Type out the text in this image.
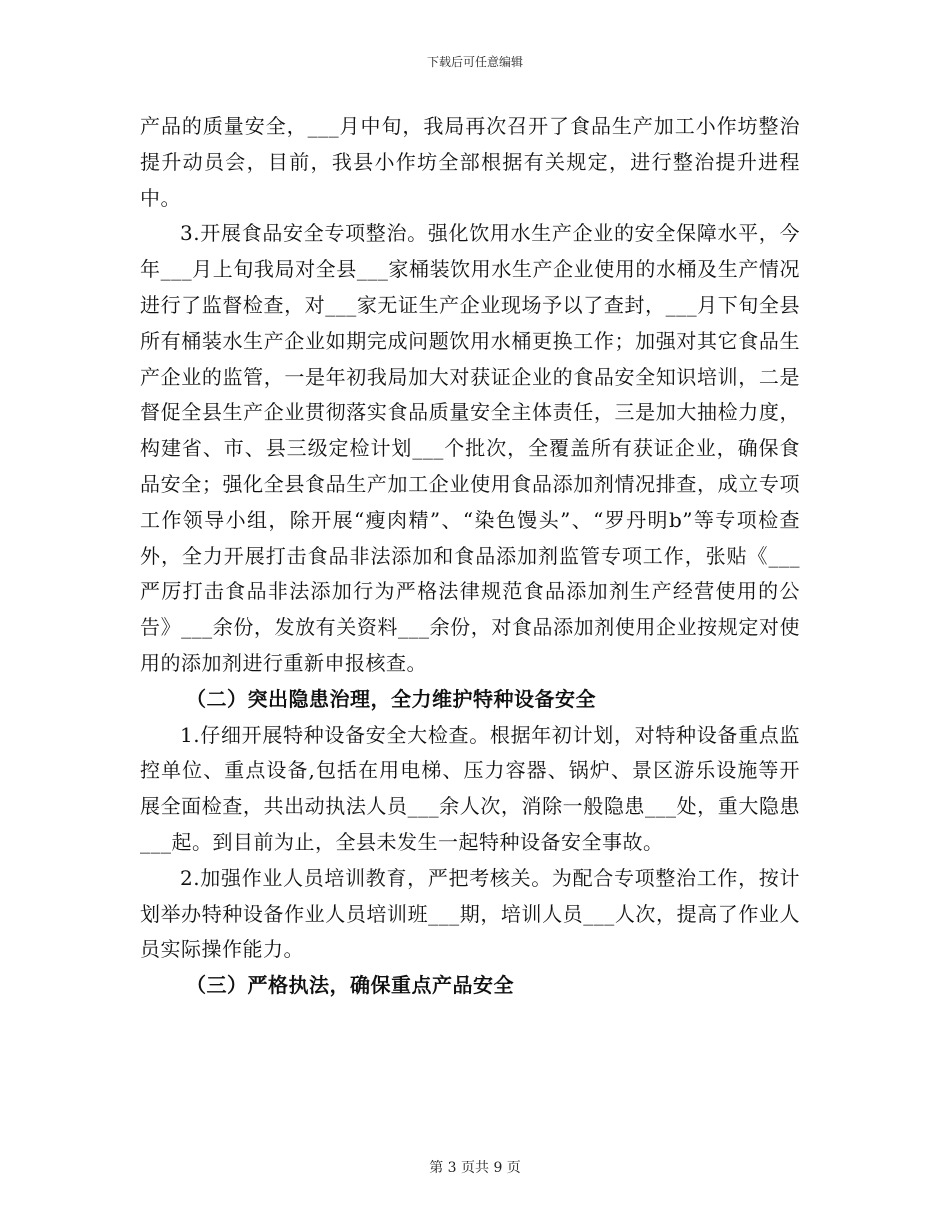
下载后可任意编辑

产品的质量安全，___月中旬，我局再次召开了食品生产加工小作坊整治提升动员会，目前，我县小作坊全部根据有关规定，进行整治提升进程中。

3.开展食品安全专项整治。强化饮用水生产企业的安全保障水平，今年___月上旬我局对全县___家桶装饮用水生产企业使用的水桶及生产情况进行了监督检查，对___家无证生产企业现场予以了查封，___月下旬全县所有桶装水生产企业如期完成问题饮用水桶更换工作；加强对其它食品生产企业的监管，一是年初我局加大对获证企业的食品安全知识培训，二是督促全县生产企业贯彻落实食品质量安全主体责任，三是加大抽检力度，构建省、市、县三级定检计划___个批次，全覆盖所有获证企业，确保食品安全；强化全县食品生产加工企业使用食品添加剂情况排查，成立专项工作领导小组，除开展“瘦肉精”、“染色馒头”、“罗丹明b”等专项检查外，全力开展打击食品非法添加和食品添加剂监管专项工作，张贴《___严厉打击食品非法添加行为严格法律规范食品添加剂生产经营使用的公告》___余份，发放有关资料___余份，对食品添加剂使用企业按规定对使用的添加剂进行重新申报核查。

（二）突出隐患治理，全力维护特种设备安全

1.仔细开展特种设备安全大检查。根据年初计划，对特种设备重点监控单位、重点设备,包括在用电梯、压力容器、锅炉、景区游乐设施等开展全面检查，共出动执法人员___余人次，消除一般隐患___处，重大隐患___起。到目前为止，全县未发生一起特种设备安全事故。

2.加强作业人员培训教育，严把考核关。为配合专项整治工作，按计划举办特种设备作业人员培训班___期，培训人员___人次，提高了作业人员实际操作能力。

（三）严格执法，确保重点产品安全

第 3 页共 9 页
